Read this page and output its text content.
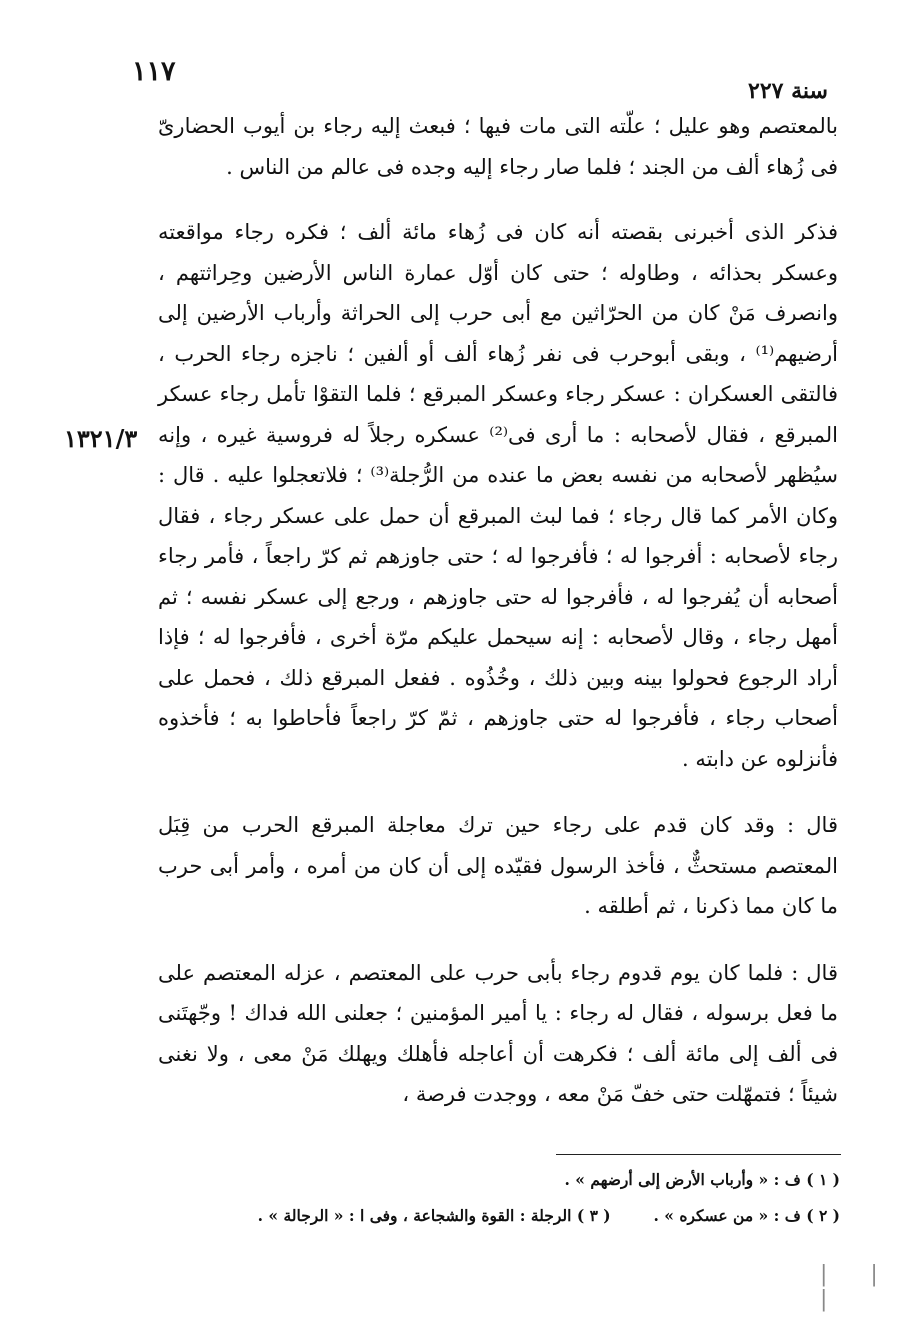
١١٧
سنة ٢٢٧
١٣٢١/٣

بالمعتصم وهو عليل ؛ علّته التى مات فيها ؛ فبعث إليه رجاء بن أيوب الحضارىّ فى زُهاء ألف من الجند ؛ فلما صار رجاء إليه وجده فى عالم من الناس .

فذكر الذى أخبرنى بقصته أنه كان فى زُهاء مائة ألف ؛ فكره رجاء مواقعته وعسكر بحذائه ، وطاوله ؛ حتى كان أوّل عمارة الناس الأرضين وحِراثتهم ، وانصرف مَنْ كان من الحرّاثين مع أبى حرب إلى الحراثة وأرباب الأرضين إلى أرضيهم⁽¹⁾ ، وبقى أبوحرب فى نفر زُهاء ألف أو ألفين ؛ ناجزه رجاء الحرب ، فالتقى العسكران : عسكر رجاء وعسكر المبرقع ؛ فلما التقوْا تأمل رجاء عسكر المبرقع ، فقال لأصحابه : ما أرى فى⁽²⁾ عسكره رجلاً له فروسية غيره ، وإنه سيُظهر لأصحابه من نفسه بعض ما عنده من الرُّجلة⁽³⁾ ؛ فلاتعجلوا عليه . قال : وكان الأمر كما قال رجاء ؛ فما لبث المبرقع أن حمل على عسكر رجاء ، فقال رجاء لأصحابه : أفرجوا له ؛ فأفرجوا له ؛ حتى جاوزهم ثم كرّ راجعاً ، فأمر رجاء أصحابه أن يُفرجوا له ، فأفرجوا له حتى جاوزهم ، ورجع إلى عسكر نفسه ؛ ثم أمهل رجاء ، وقال لأصحابه : إنه سيحمل عليكم مرّة أخرى ، فأفرجوا له ؛ فإذا أراد الرجوع فحولوا بينه وبين ذلك ، وخُذُوه . ففعل المبرقع ذلك ، فحمل على أصحاب رجاء ، فأفرجوا له حتى جاوزهم ، ثمّ كرّ راجعاً فأحاطوا به ؛ فأخذوه فأنزلوه عن دابته .

قال : وقد كان قدم على رجاء حين ترك معاجلة المبرقع الحرب من قِبَل المعتصم مستحثٌّ ، فأخذ الرسول فقيّده إلى أن كان من أمره ، وأمر أبى حرب ما كان مما ذكرنا ، ثم أطلقه .

قال : فلما كان يوم قدوم رجاء بأبى حرب على المعتصم ، عزله المعتصم على ما فعل برسوله ، فقال له رجاء : يا أمير المؤمنين ؛ جعلنى الله فداك ! وجّهتَنى فى ألف إلى مائة ألف ؛ فكرهت أن أعاجله فأهلك ويهلك مَنْ معى ، ولا نغنى شيئاً ؛ فتمهّلت حتى خفّ مَنْ معه ، ووجدت فرصة ،

( ١ ) ف : « وأرباب الأرض إلى أرضهم » .
( ٢ ) ف : « من عسكره » .  ( ٣ ) الرجلة : القوة والشجاعة ، وفى ا : « الرجالة » .
| | |
